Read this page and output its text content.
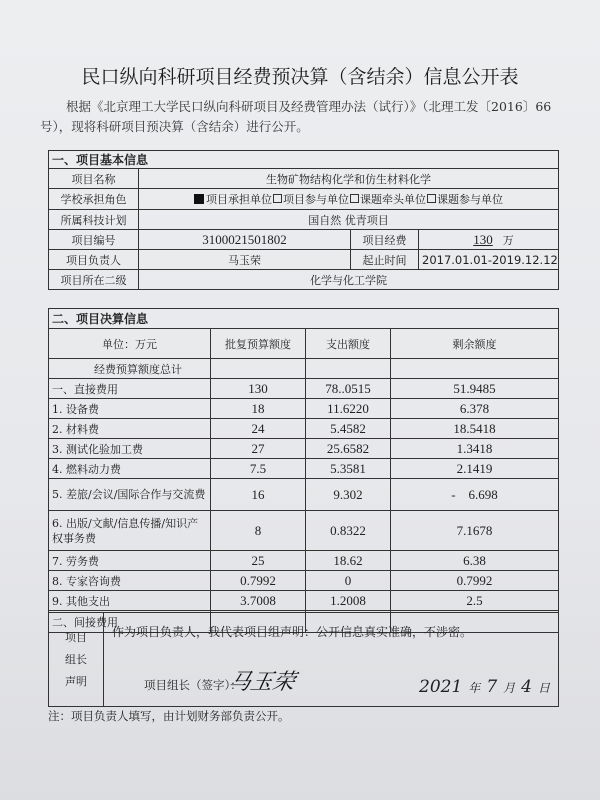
民口纵向科研项目经费预决算（含结余）信息公开表
根据《北京理工大学民口纵向科研项目及经费管理办法（试行）》（北理工发〔2016〕66号），现将科研项目预决算（含结余）进行公开。
一、项目基本信息			
项目名称	生物矿物结构化学和仿生材料化学		
学校承担角色	项目承担单位 项目参与单位 课题牵头单位 课题参与单位		
所属科技计划	国自然 优青项目		
项目编号	3100021501802	项目经费	130 万
项目负责人	马玉荣	起止时间	2017.01.01-2019.12.12
项目所在二级	化学与化工学院		
二、项目决算信息			
单位：万元	批复预算额度	支出额度	剩余额度
经费预算额度总计			
一、直接费用	130	78..0515	51.9485
1. 设备费	18	11.6220	6.378
2. 材料费	24	5.4582	18.5418
3. 测试化验加工费	27	25.6582	1.3418
4. 燃料动力费	7.5	5.3581	2.1419
5. 差旅/会议/国际合作与交流费	16	9.302	-    6.698
6. 出版/文献/信息传播/知识产权事务费	8	0.8322	7.1678
7. 劳务费	25	18.62	6.38
8. 专家咨询费	0.7992	0	0.7992
9. 其他支出	3.7008	1.2008	2.5
二、间接费用			
项目组长声明	
作为项目负责人，我代表项目组声明：公开信息真实准确，不涉密。
项目组长（签字）：
马玉荣	2021 年 7 月 4 日
注：项目负责人填写，由计划财务部负责公开。
